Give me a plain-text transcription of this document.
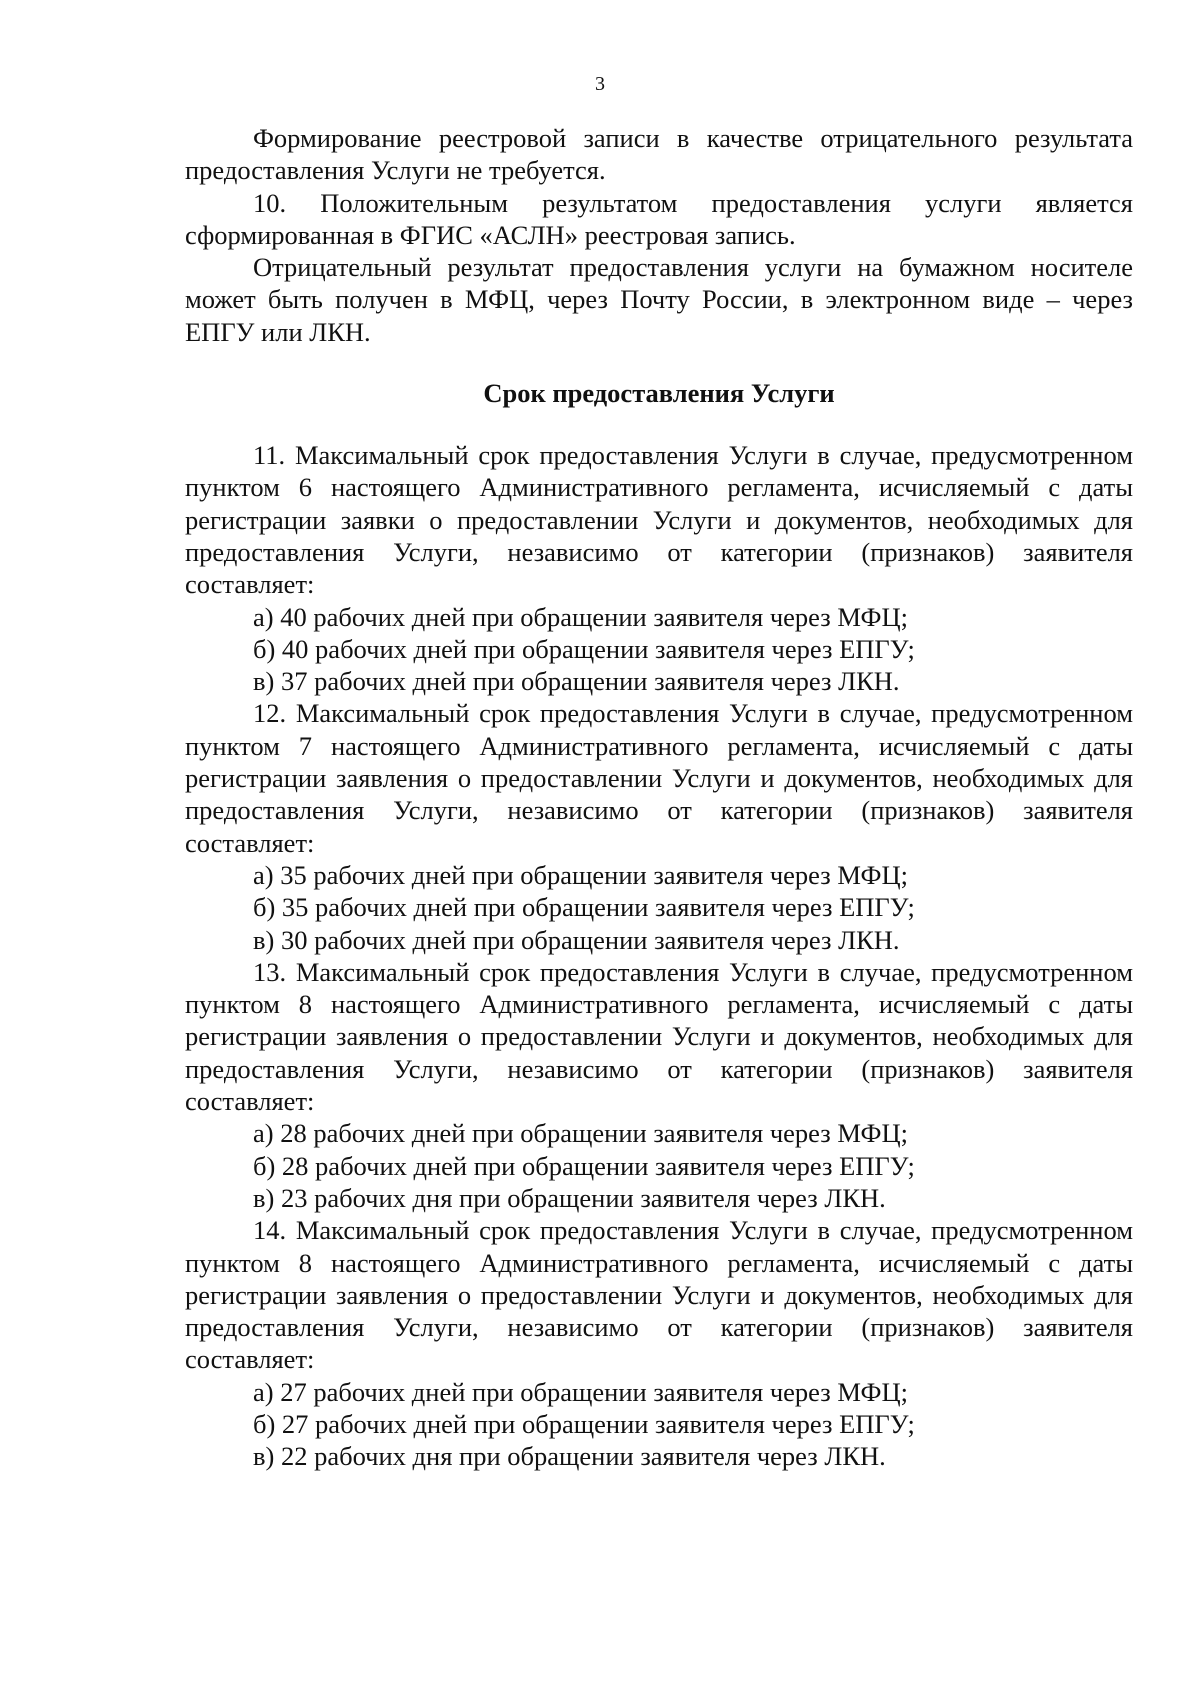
3

Формирование реестровой записи в качестве отрицательного результата предоставления Услуги не требуется.

10. Положительным результатом предоставления услуги является сформированная в ФГИС «АСЛН» реестровая запись.

Отрицательный результат предоставления услуги на бумажном носителе может быть получен в МФЦ, через Почту России, в электронном виде – через ЕПГУ или ЛКН.

Срок предоставления Услуги

11. Максимальный срок предоставления Услуги в случае, предусмотренном пунктом 6 настоящего Административного регламента, исчисляемый с даты регистрации заявки о предоставлении Услуги и документов, необходимых для предоставления Услуги, независимо от категории (признаков) заявителя составляет:

а) 40 рабочих дней при обращении заявителя через МФЦ;

б) 40 рабочих дней при обращении заявителя через ЕПГУ;

в) 37 рабочих дней при обращении заявителя через ЛКН.

12. Максимальный срок предоставления Услуги в случае, предусмотренном пунктом 7 настоящего Административного регламента, исчисляемый с даты регистрации заявления о предоставлении Услуги и документов, необходимых для предоставления Услуги, независимо от категории (признаков) заявителя составляет:

а) 35 рабочих дней при обращении заявителя через МФЦ;

б) 35 рабочих дней при обращении заявителя через ЕПГУ;

в) 30 рабочих дней при обращении заявителя через ЛКН.

13. Максимальный срок предоставления Услуги в случае, предусмотренном пунктом 8 настоящего Административного регламента, исчисляемый с даты регистрации заявления о предоставлении Услуги и документов, необходимых для предоставления Услуги, независимо от категории (признаков) заявителя составляет:

а) 28 рабочих дней при обращении заявителя через МФЦ;

б) 28 рабочих дней при обращении заявителя через ЕПГУ;

в) 23 рабочих дня при обращении заявителя через ЛКН.

14. Максимальный срок предоставления Услуги в случае, предусмотренном пунктом 8 настоящего Административного регламента, исчисляемый с даты регистрации заявления о предоставлении Услуги и документов, необходимых для предоставления Услуги, независимо от категории (признаков) заявителя составляет:

а) 27 рабочих дней при обращении заявителя через МФЦ;

б) 27 рабочих дней при обращении заявителя через ЕПГУ;

в) 22 рабочих дня при обращении заявителя через ЛКН.
